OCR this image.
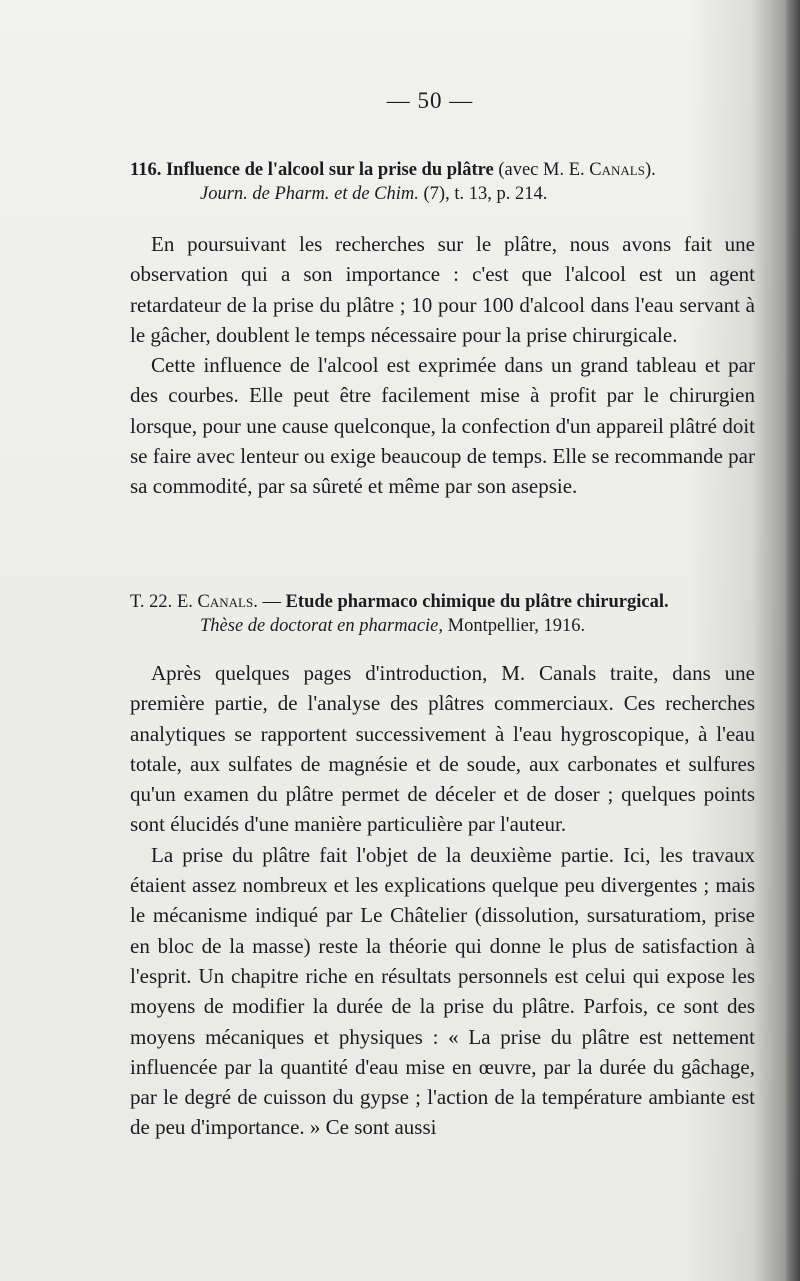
— 50 —
116. Influence de l'alcool sur la prise du plâtre (avec M. E. Canals).
Journ. de Pharm. et de Chim. (7), t. 13, p. 214.

En poursuivant les recherches sur le plâtre, nous avons fait une observation qui a son importance : c'est que l'alcool est un agent retardateur de la prise du plâtre ; 10 pour 100 d'alcool dans l'eau servant à le gâcher, doublent le temps nécessaire pour la prise chirurgicale.

Cette influence de l'alcool est exprimée dans un grand tableau et par des courbes. Elle peut être facilement mise à profit par le chirurgien lorsque, pour une cause quelconque, la confection d'un appareil plâtré doit se faire avec lenteur ou exige beaucoup de temps. Elle se recommande par sa commodité, par sa sûreté et même par son asepsie.

T. 22. E. Canals. — Etude pharmaco chimique du plâtre chirurgical.
Thèse de doctorat en pharmacie, Montpellier, 1916.

Après quelques pages d'introduction, M. Canals traite, dans une première partie, de l'analyse des plâtres commerciaux. Ces recherches analytiques se rapportent successivement à l'eau hygroscopique, à l'eau totale, aux sulfates de magnésie et de soude, aux carbonates et sulfures qu'un examen du plâtre permet de déceler et de doser ; quelques points sont élucidés d'une manière particulière par l'auteur.

La prise du plâtre fait l'objet de la deuxième partie. Ici, les travaux étaient assez nombreux et les explications quelque peu divergentes ; mais le mécanisme indiqué par Le Châtelier (dissolution, sursaturatiom, prise en bloc de la masse) reste la théorie qui donne le plus de satisfaction à l'esprit. Un chapitre riche en résultats personnels est celui qui expose les moyens de modifier la durée de la prise du plâtre. Parfois, ce sont des moyens mécaniques et physiques : « La prise du plâtre est nettement influencée par la quantité d'eau mise en œuvre, par la durée du gâchage, par le degré de cuisson du gypse ; l'action de la température ambiante est de peu d'importance. » Ce sont aussi
